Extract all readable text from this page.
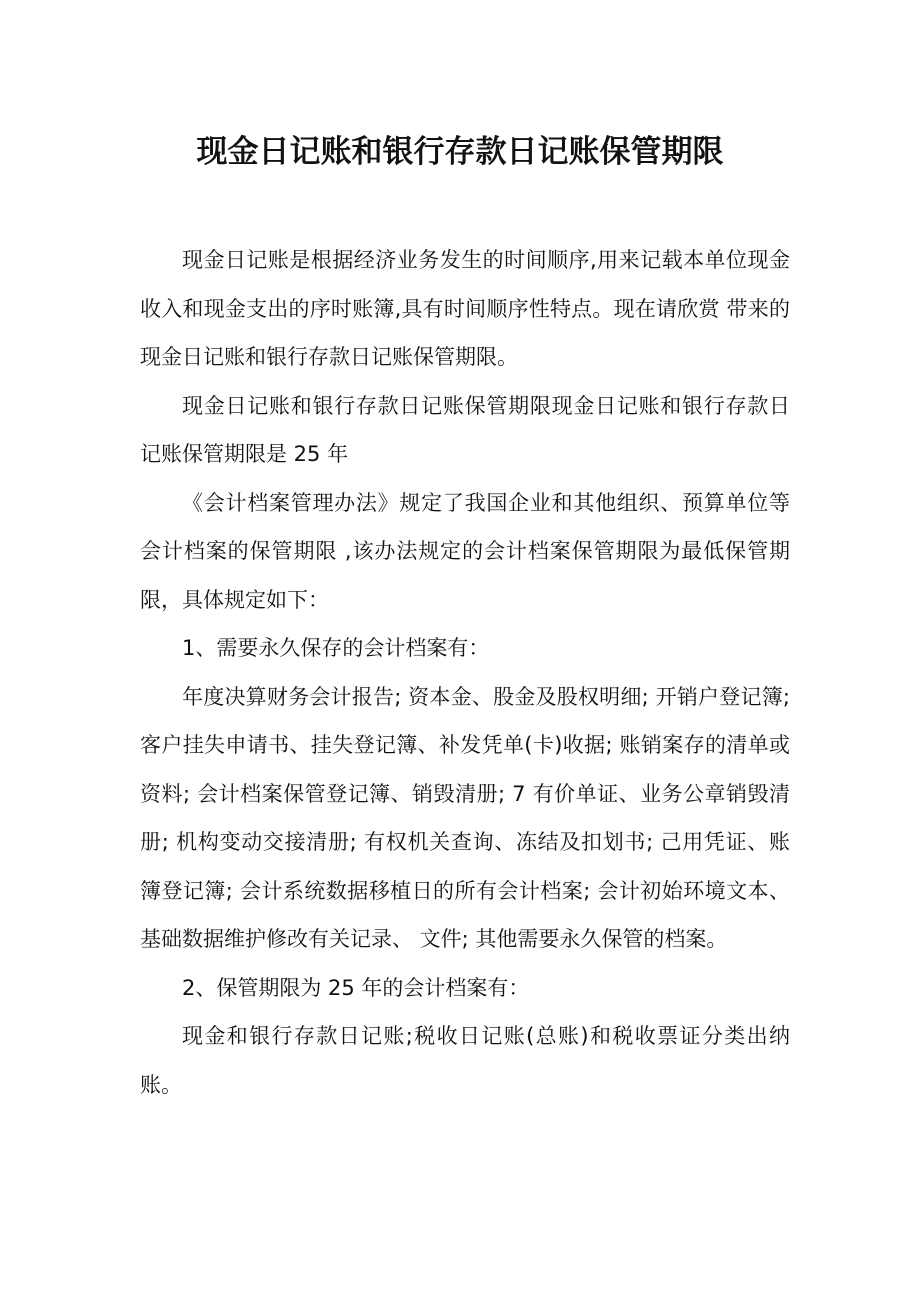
现金日记账和银行存款日记账保管期限

现金日记账是根据经济业务发生的时间顺序,用来记载本单位现金收入和现金支出的序时账簿,具有时间顺序性特点。现在请欣赏 带来的现金日记账和银行存款日记账保管期限。

现金日记账和银行存款日记账保管期限现金日记账和银行存款日记账保管期限是 25 年

《会计档案管理办法》规定了我国企业和其他组织、预算单位等会计档案的保管期限 ,该办法规定的会计档案保管期限为最低保管期限，具体规定如下：

1、需要永久保存的会计档案有：

年度决算财务会计报告; 资本金、股金及股权明细; 开销户登记簿; 客户挂失申请书、挂失登记簿、补发凭单(卡)收据; 账销案存的清单或资料; 会计档案保管登记簿、销毁清册; 7 有价单证、业务公章销毁清册; 机构变动交接清册; 有权机关查询、冻结及扣划书; 己用凭证、账簿登记簿; 会计系统数据移植日的所有会计档案; 会计初始环境文本、 基础数据维护修改有关记录、 文件; 其他需要永久保管的档案。

2、保管期限为 25 年的会计档案有：

现金和银行存款日记账;税收日记账(总账)和税收票证分类出纳账。
